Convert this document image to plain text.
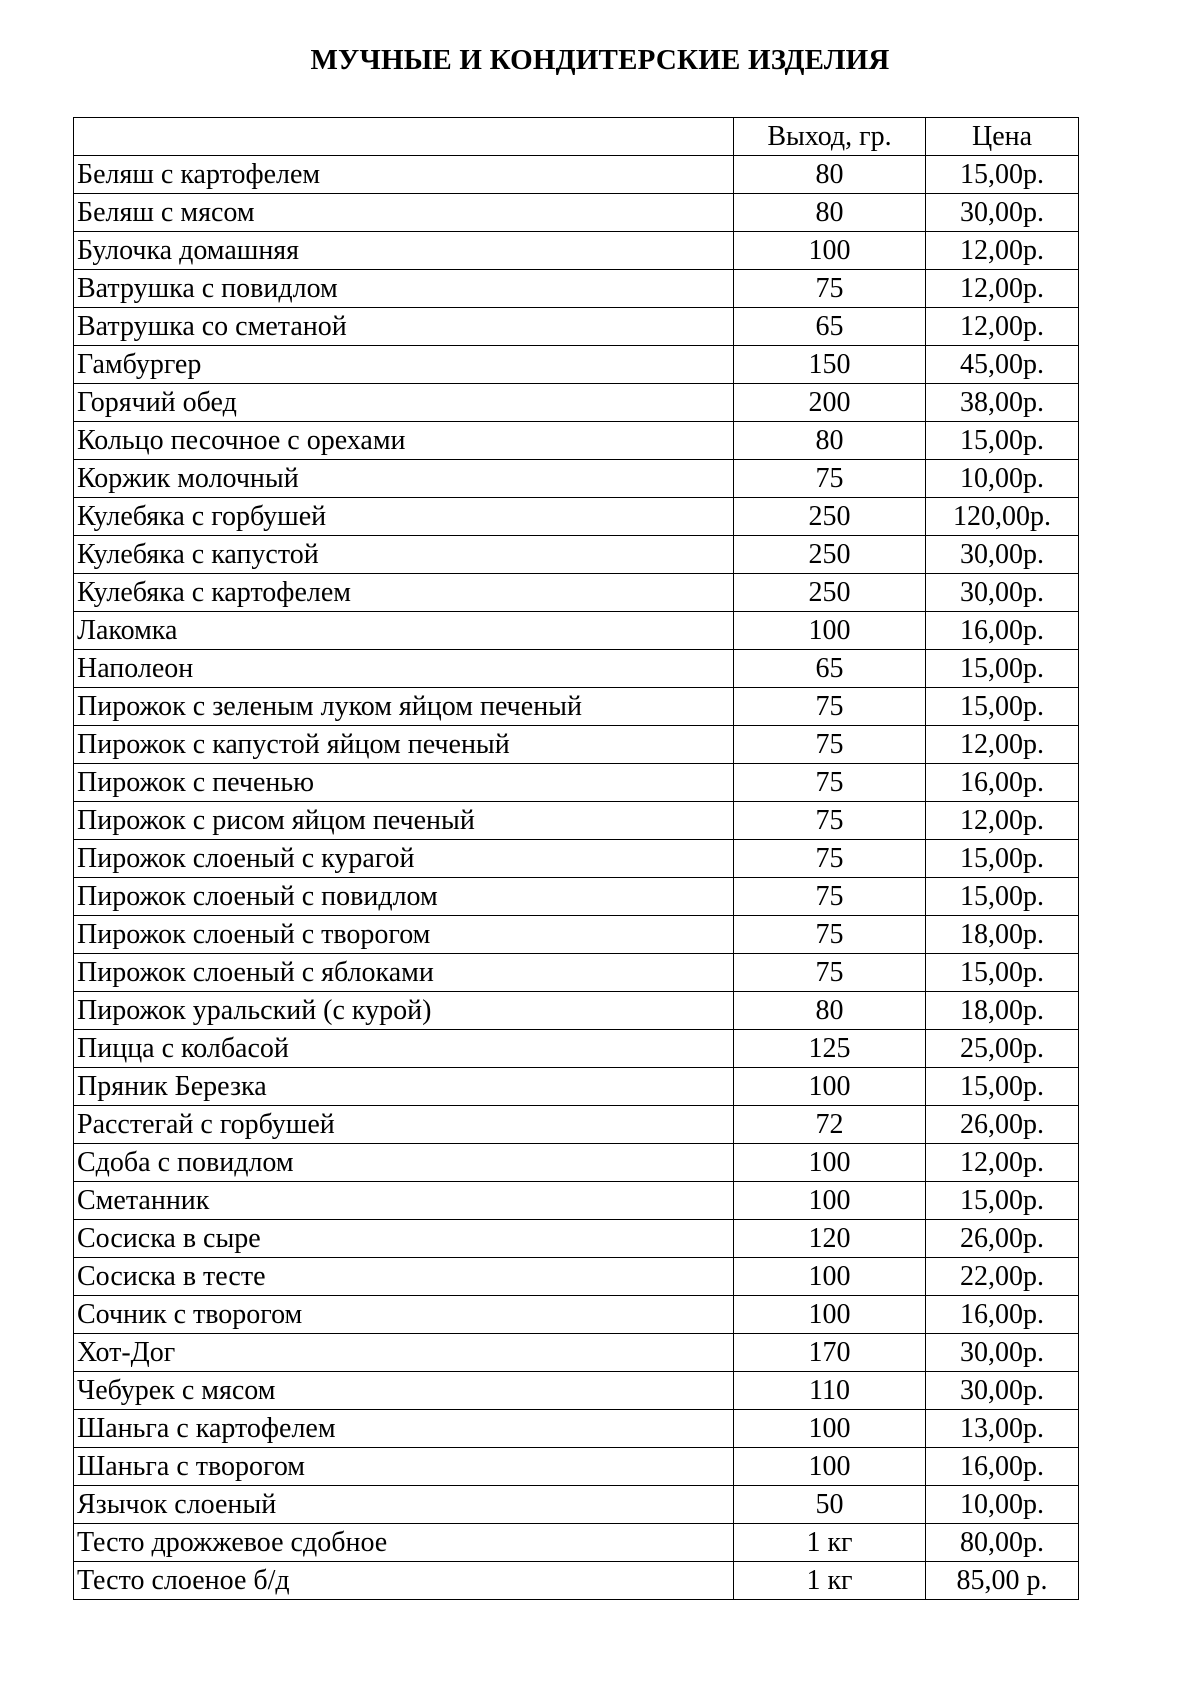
МУЧНЫЕ И КОНДИТЕРСКИЕ ИЗДЕЛИЯ
	Выход, гр.	Цена
Беляш с картофелем	80	15,00р.
Беляш с мясом	80	30,00р.
Булочка домашняя	100	12,00р.
Ватрушка с повидлом	75	12,00р.
Ватрушка со сметаной	65	12,00р.
Гамбургер	150	45,00р.
Горячий обед	200	38,00р.
Кольцо песочное с орехами	80	15,00р.
Коржик молочный	75	10,00р.
Кулебяка с горбушей	250	120,00р.
Кулебяка с капустой	250	30,00р.
Кулебяка с картофелем	250	30,00р.
Лакомка	100	16,00р.
Наполеон	65	15,00р.
Пирожок с зеленым луком яйцом печеный	75	15,00р.
Пирожок с капустой яйцом печеный	75	12,00р.
Пирожок с печенью	75	16,00р.
Пирожок с рисом яйцом печеный	75	12,00р.
Пирожок слоеный с курагой	75	15,00р.
Пирожок слоеный с повидлом	75	15,00р.
Пирожок слоеный с творогом	75	18,00р.
Пирожок слоеный с яблоками	75	15,00р.
Пирожок уральский (с курой)	80	18,00р.
Пицца с колбасой	125	25,00р.
Пряник Березка	100	15,00р.
Расстегай с горбушей	72	26,00р.
Сдоба с повидлом	100	12,00р.
Сметанник	100	15,00р.
Сосиска в сыре	120	26,00р.
Сосиска в тесте	100	22,00р.
Сочник с творогом	100	16,00р.
Хот-Дог	170	30,00р.
Чебурек с мясом	110	30,00р.
Шаньга с картофелем	100	13,00р.
Шаньга с творогом	100	16,00р.
Язычок слоеный	50	10,00р.
Тесто дрожжевое сдобное	1 кг	80,00р.
Тесто слоеное б/д	1 кг	85,00 р.
